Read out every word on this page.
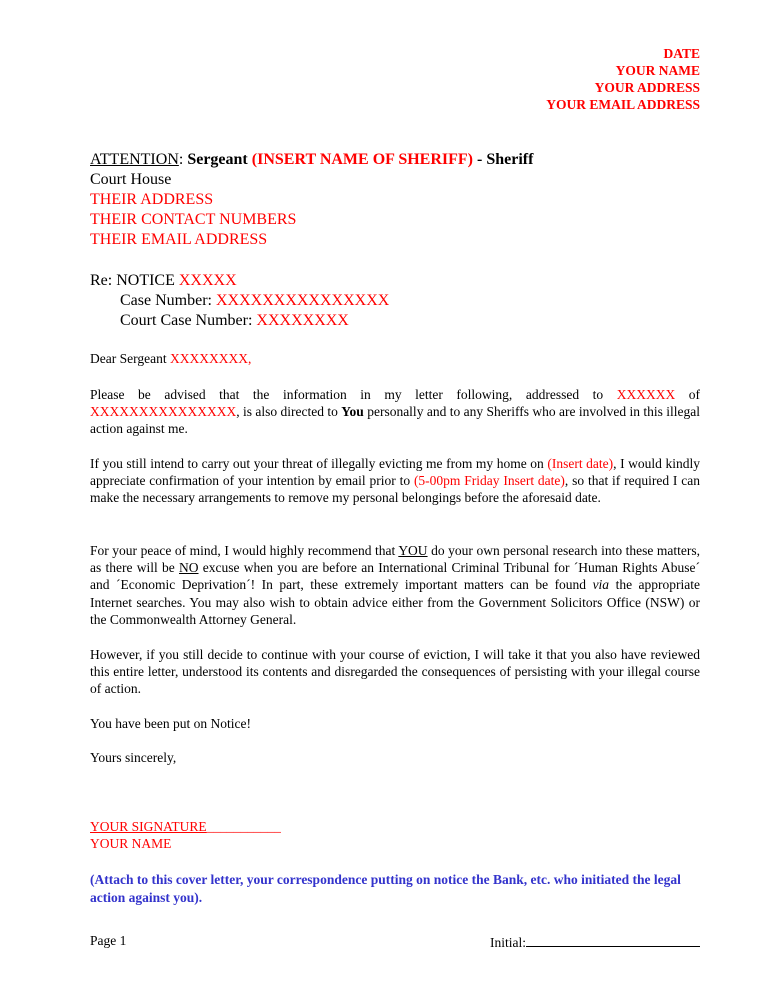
DATE
YOUR NAME
YOUR ADDRESS
YOUR EMAIL ADDRESS
ATTENTION: Sergeant (INSERT NAME OF SHERIFF) - Sheriff
Court House
THEIR ADDRESS
THEIR CONTACT NUMBERS
THEIR EMAIL ADDRESS
Re: NOTICE XXXXX
Case Number: XXXXXXXXXXXXXXX
Court Case Number: XXXXXXXX
Dear Sergeant XXXXXXXX,
Please be advised that the information in my letter following, addressed to XXXXXX of XXXXXXXXXXXXXXX, is also directed to You personally and to any Sheriffs who are involved in this illegal action against me.
If you still intend to carry out your threat of illegally evicting me from my home on (Insert date), I would kindly appreciate confirmation of your intention by email prior to (5-00pm Friday Insert date), so that if required I can make the necessary arrangements to remove my personal belongings before the aforesaid date.
For your peace of mind, I would highly recommend that YOU do your own personal research into these matters, as there will be NO excuse when you are before an International Criminal Tribunal for ´Human Rights Abuse´ and ´Economic Deprivation´! In part, these extremely important matters can be found via the appropriate Internet searches. You may also wish to obtain advice either from the Government Solicitors Office (NSW) or the Commonwealth Attorney General.
However, if you still decide to continue with your course of eviction, I will take it that you also have reviewed this entire letter, understood its contents and disregarded the consequences of persisting with your illegal course of action.
You have been put on Notice!
Yours sincerely,
YOUR SIGNATURE___________
YOUR NAME
(Attach to this cover letter, your correspondence putting on notice the Bank, etc. who initiated the legal action against you).
Page 1	Initial:
